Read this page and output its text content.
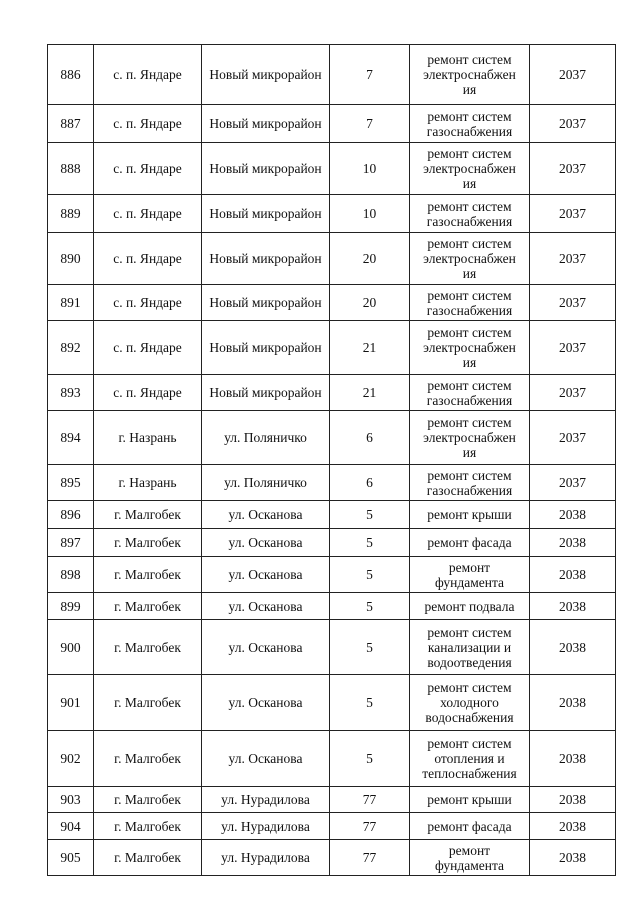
886	с. п. Яндаре	Новый микрорайон	7	ремонт систем
электроснабжен
ия	2037
887	с. п. Яндаре	Новый микрорайон	7	ремонт систем
газоснабжения	2037
888	с. п. Яндаре	Новый микрорайон	10	ремонт систем
электроснабжен
ия	2037
889	с. п. Яндаре	Новый микрорайон	10	ремонт систем
газоснабжения	2037
890	с. п. Яндаре	Новый микрорайон	20	ремонт систем
электроснабжен
ия	2037
891	с. п. Яндаре	Новый микрорайон	20	ремонт систем
газоснабжения	2037
892	с. п. Яндаре	Новый микрорайон	21	ремонт систем
электроснабжен
ия	2037
893	с. п. Яндаре	Новый микрорайон	21	ремонт систем
газоснабжения	2037
894	г. Назрань	ул. Поляничко	6	ремонт систем
электроснабжен
ия	2037
895	г. Назрань	ул. Поляничко	6	ремонт систем
газоснабжения	2037
896	г. Малгобек	ул. Осканова	5	ремонт крыши	2038
897	г. Малгобек	ул. Осканова	5	ремонт фасада	2038
898	г. Малгобек	ул. Осканова	5	ремонт
фундамента	2038
899	г. Малгобек	ул. Осканова	5	ремонт подвала	2038
900	г. Малгобек	ул. Осканова	5	ремонт систем
канализации и
водоотведения	2038
901	г. Малгобек	ул. Осканова	5	ремонт систем
холодного
водоснабжения	2038
902	г. Малгобек	ул. Осканова	5	ремонт систем
отопления и
теплоснабжения	2038
903	г. Малгобек	ул. Нурадилова	77	ремонт крыши	2038
904	г. Малгобек	ул. Нурадилова	77	ремонт фасада	2038
905	г. Малгобек	ул. Нурадилова	77	ремонт
фундамента	2038
